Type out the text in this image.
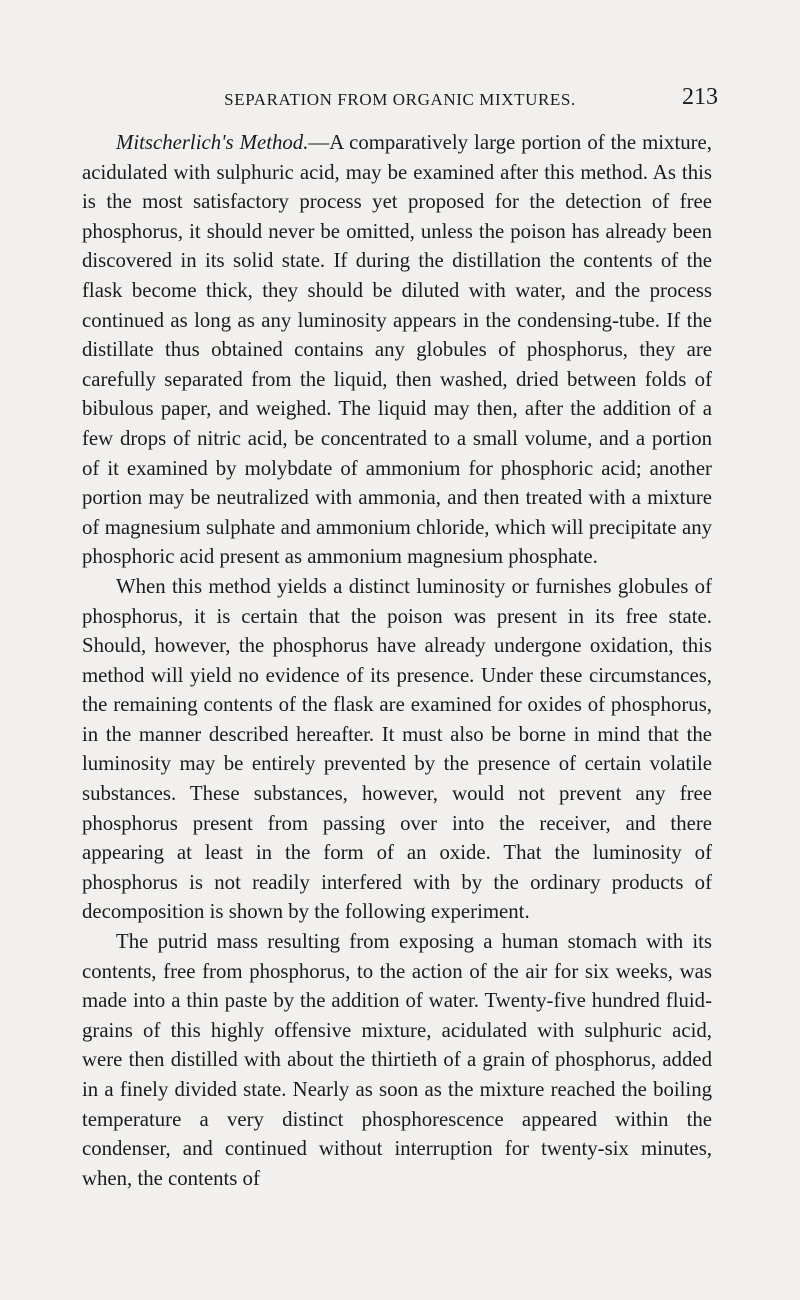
SEPARATION FROM ORGANIC MIXTURES.	213

Mitscherlich's Method.—A comparatively large portion of the mixture, acidulated with sulphuric acid, may be examined after this method. As this is the most satisfactory process yet proposed for the detection of free phosphorus, it should never be omitted, unless the poison has already been discovered in its solid state. If during the distillation the contents of the flask become thick, they should be diluted with water, and the process continued as long as any luminosity appears in the condensing-tube. If the distillate thus obtained contains any globules of phosphorus, they are carefully separated from the liquid, then washed, dried between folds of bibulous paper, and weighed. The liquid may then, after the addition of a few drops of nitric acid, be concentrated to a small volume, and a portion of it examined by molybdate of ammonium for phosphoric acid; another portion may be neutralized with ammonia, and then treated with a mixture of magnesium sulphate and ammonium chloride, which will precipitate any phosphoric acid present as ammonium magnesium phosphate.

When this method yields a distinct luminosity or furnishes globules of phosphorus, it is certain that the poison was present in its free state. Should, however, the phosphorus have already undergone oxidation, this method will yield no evidence of its presence. Under these circumstances, the remaining contents of the flask are examined for oxides of phosphorus, in the manner described hereafter. It must also be borne in mind that the luminosity may be entirely prevented by the presence of certain volatile substances. These substances, however, would not prevent any free phosphorus present from passing over into the receiver, and there appearing at least in the form of an oxide. That the luminosity of phosphorus is not readily interfered with by the ordinary products of decomposition is shown by the following experiment.

The putrid mass resulting from exposing a human stomach with its contents, free from phosphorus, to the action of the air for six weeks, was made into a thin paste by the addition of water. Twenty-five hundred fluid-grains of this highly offensive mixture, acidulated with sulphuric acid, were then distilled with about the thirtieth of a grain of phosphorus, added in a finely divided state. Nearly as soon as the mixture reached the boiling temperature a very distinct phosphorescence appeared within the condenser, and continued without interruption for twenty-six minutes, when, the contents of
